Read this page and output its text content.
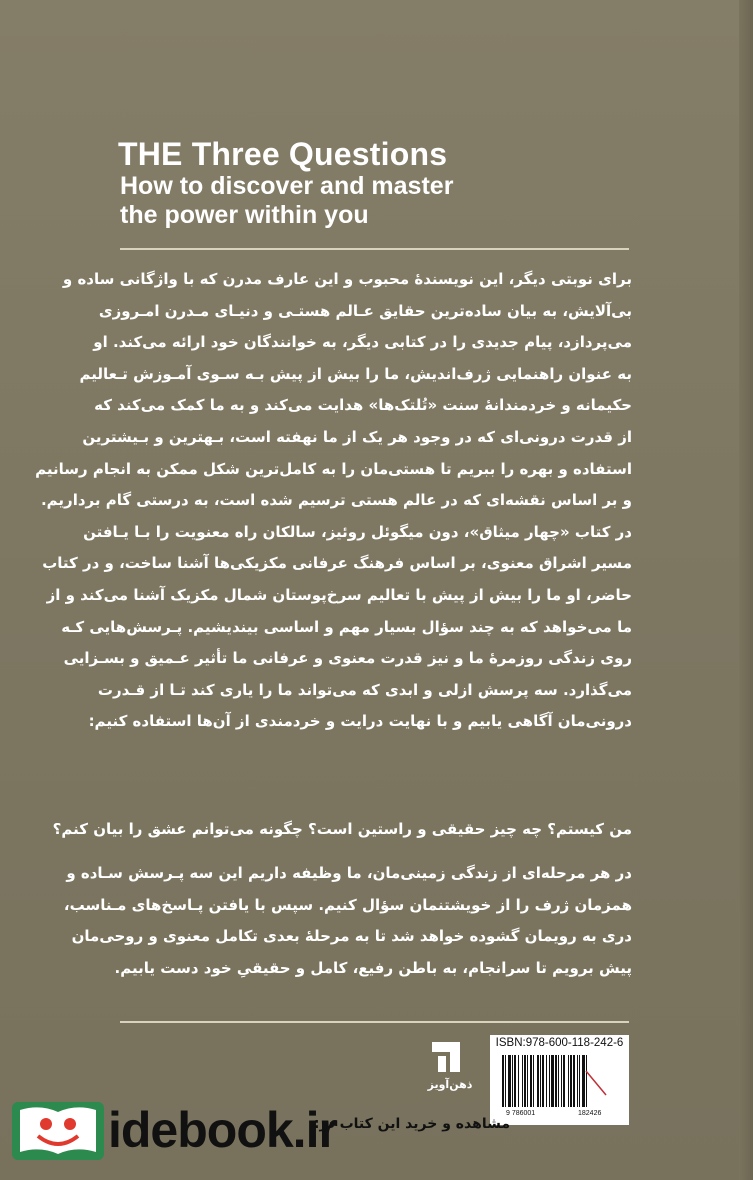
THE Three Questions
How to discover and master
the power within you
برای نوبتی دیگر، این نویسندۀ محبوب و این عارف مدرن که با واژگانی ساده و
بی‌آلایش، به بیان ساده‌ترین حقایق عـالم هستـی و دنیـای مـدرن امـروزی
می‌پردازد، پیام جدیدی را در کتابی دیگر، به خوانندگان خود ارائه می‌کند. او
به عنوان راهنمایی ژرف‌اندیش، ما را بیش از پیش بـه سـوی آمـوزش تـعالیم
حکیمانه و خردمندانۀ سنت «تُلتک‌ها» هدایت می‌کند و به ما کمک می‌کند که
از قدرت درونی‌ای که در وجود هر یک از ما نهفته است، بـهترین و بـیشترین
استفاده و بهره را ببریم تا هستی‌مان را به کامل‌ترین شکل ممکن به انجام رسانیم
و بر اساس نقشه‌ای که در عالم هستی ترسیم شده است، به درستی گام برداریم.
در کتاب «چهار میثاق»، دون میگوئل روئیز، سالکان راه معنویت را بـا یـافتن
مسیر اشراق معنوی، بر اساس فرهنگ عرفانی مکزیکی‌ها آشنا ساخت، و در کتاب
حاضر، او ما را بیش از پیش با تعالیم سرخ‌پوستان شمال مکزیک آشنا می‌کند و از
ما می‌خواهد که به چند سؤال بسیار مهم و اساسی بیندیشیم. پـرسش‌هایی کـه
روی زندگی روزمرۀ ما و نیز قدرت معنوی و عرفانی ما تأثیر عـمیق و بسـزایی
می‌گذارد. سه پرسش ازلی و ابدی که می‌تواند ما را یاری کند تـا از قـدرت
درونی‌مان آگاهی یابیم و با نهایت درایت و خردمندی از آن‌ها استفاده کنیم:
من کیستم؟ چه چیز حقیقی و راستین است؟ چگونه می‌توانم عشق را بیان کنم؟
در هر مرحله‌ای از زندگی زمینی‌مان، ما وظیفه داریم این سه پـرسش سـاده و
همزمان ژرف را از خویشتنمان سؤال کنیم. سپس با یافتن پـاسخ‌های مـناسب،
دری به رویمان گشوده خواهد شد تا به مرحلۀ بعدی تکامل معنوی و روحی‌مان
پیش برویم تا سرانجام، به باطن رفیع، کامل و حقیقیِ خود دست یابیم.
ذهن‌آویز
ISBN:978-600-118-242-6
9 786001	182426
idebook.ir
مشاهده و خرید این کتاب در:
